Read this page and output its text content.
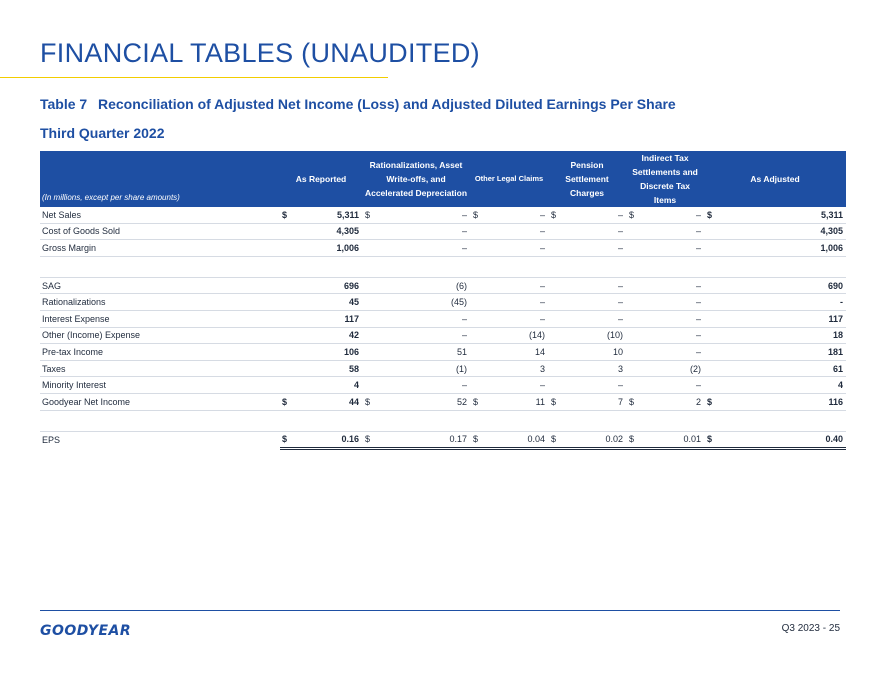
FINANCIAL TABLES (UNAUDITED)
Table 7 Reconciliation of Adjusted Net Income (Loss) and Adjusted Diluted Earnings Per Share
Third Quarter 2022
(In millions, except per share amounts)	As Reported	Rationalizations, Asset Write-offs, and Accelerated Depreciation		Other Legal Claims		Pension Settlement Charges		Indirect Tax Settlements and Discrete Tax Items		As Adjusted	
Net Sales	$ 5,311	$	–	$	–	$	–	$	–	$	5,311
Cost of Goods Sold	4,305		–		–		–		–		4,305
Gross Margin	1,006		–		–		–		–		1,006

SAG	696		(6)		–		–		–		690
Rationalizations	45		(45)		–		–		–		-
Interest Expense	117		–		–		–		–		117
Other (Income) Expense	42		–		(14)		(10)		–		18
Pre-tax Income	106		51		14		10		–		181
Taxes	58		(1)		3		3		(2)		61
Minority Interest	4		–		–		–		–		4
Goodyear Net Income	$ 44	$	52	$	11	$	7	$	2	$	116

EPS	$ 0.16	$	0.17	$	0.04	$	0.02	$	0.01	$	0.40
GOODYEAR	Q3 2023 - 25
